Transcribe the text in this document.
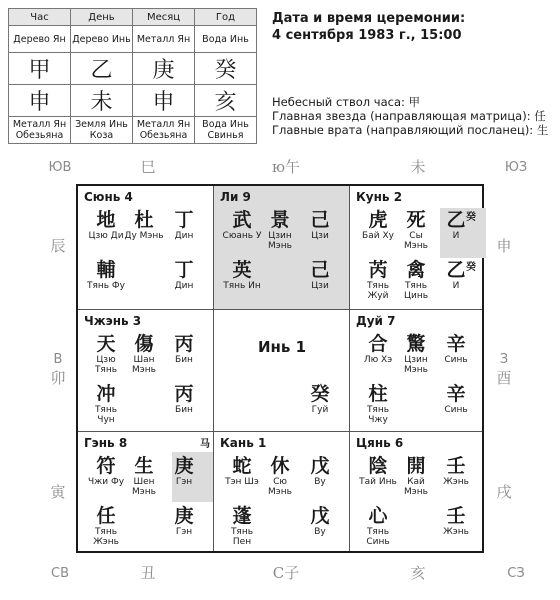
Час	День	Месяц	Год
Дерево Ян	Дерево Инь	Металл Ян	Вода Инь
甲	乙	庚	癸
申	未	申	亥
Металл Ян Обезьяна	Земля Инь Коза	Металл Ян Обезьяна	Вода Инь Свинья
Дата и время церемонии:
4 сентября 1983 г., 15:00
Небесный ствол часа: 甲
Главная звезда (направляющая матрица): 任
Главные врата (направляющий посланец): 生
ЮВ	巳	ю午	未	ЮЗ
辰
В
卯
寅
申
З
酉
戌
СВ	丑	С子	亥	СЗ
Сюнь 4
地
Цзю Ди
杜
Ду Мэнь
丁
Дин
輔
Тянь Фу
丁
Дин
Ли 9
武
Сюань У
景
Цзин Мэнь
己
Цзи
英
Тянь Ин
己
Цзи
Кунь 2
虎
Бай Ху
死
Сы Мэнь
乙
И
癸
芮
Тянь Жуй
禽
Тянь Цинь
乙
И
癸
Чжэнь 3
天
Цзю Тянь
傷
Шан Мэнь
丙
Бин
冲
Тянь Чун
丙
Бин
Инь 1
癸
Гуй
Дуй 7
合
Лю Хэ
驚
Цзин Мэнь
辛
Синь
柱
Тянь Чжу
辛
Синь
Гэнь 8	马
符
Чжи Фу
生
Шен Мэнь
庚
Гэн
任
Тянь Жэнь
庚
Гэн
Кань 1
蛇
Тэн Шэ
休
Сю Мэнь
戊
Ву
蓬
Тянь Пен
戊
Ву
Цянь 6
陰
Тай Инь
開
Кай Мэнь
壬
Жэнь
心
Тянь Синь
壬
Жэнь
